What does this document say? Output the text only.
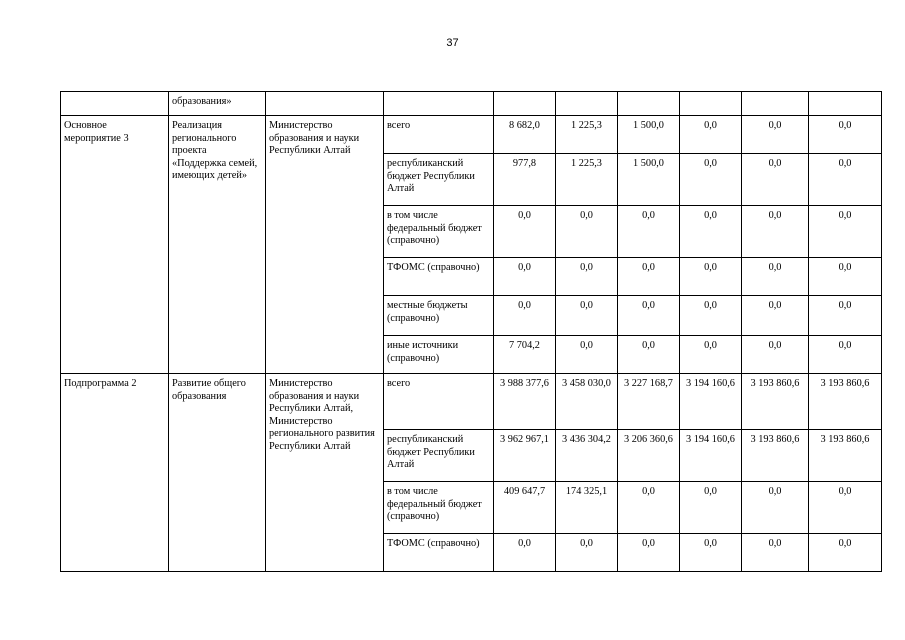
37
	образования»								
Основное мероприятие 3	Реализация регионального проекта «Поддержка семей, имеющих детей»	Министерство образования и науки Республики Алтай	всего	8 682,0	1 225,3	1 500,0	0,0	0,0	0,0
			республиканский бюджет Республики Алтай	977,8	1 225,3	1 500,0	0,0	0,0	0,0
			в том числе федеральный бюджет (справочно)	0,0	0,0	0,0	0,0	0,0	0,0
			ТФОМС (справочно)	0,0	0,0	0,0	0,0	0,0	0,0
			местные бюджеты (справочно)	0,0	0,0	0,0	0,0	0,0	0,0
			иные источники (справочно)	7 704,2	0,0	0,0	0,0	0,0	0,0
Подпрограмма 2	Развитие общего образования	Министерство образования и науки Республики Алтай, Министерство регионального развития Республики Алтай	всего	3 988 377,6	3 458 030,0	3 227 168,7	3 194 160,6	3 193 860,6	3 193 860,6
			республиканский бюджет Республики Алтай	3 962 967,1	3 436 304,2	3 206 360,6	3 194 160,6	3 193 860,6	3 193 860,6
			в том числе федеральный бюджет (справочно)	409 647,7	174 325,1	0,0	0,0	0,0	0,0
			ТФОМС (справочно)	0,0	0,0	0,0	0,0	0,0	0,0
